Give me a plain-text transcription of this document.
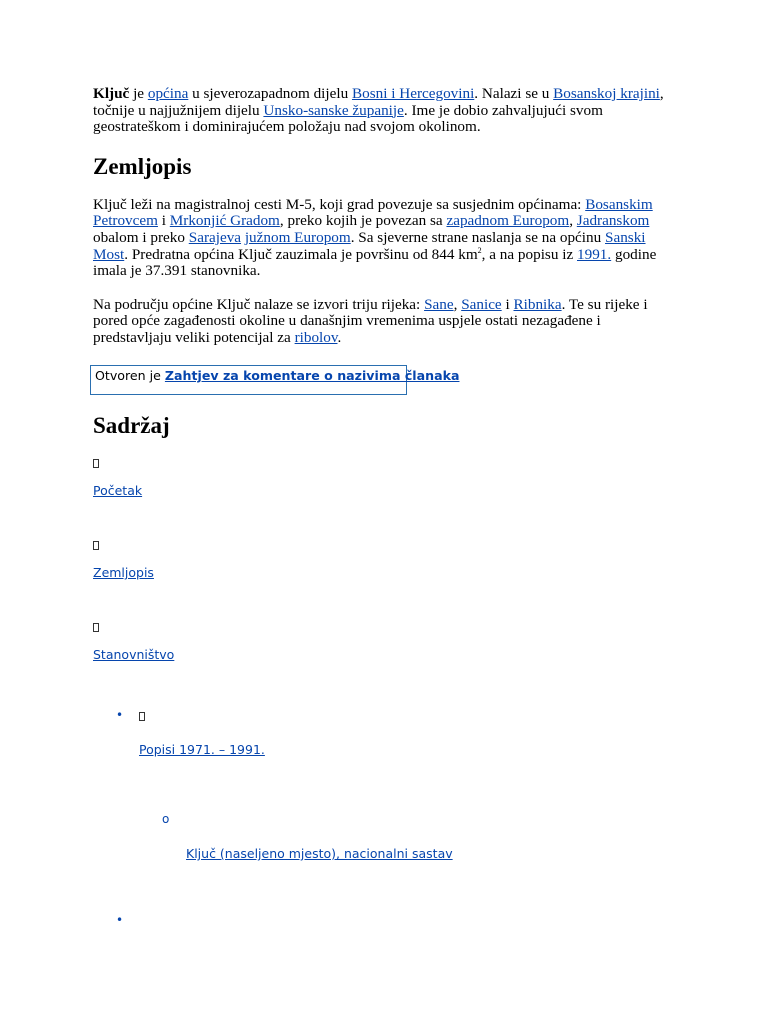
Ključ je općina u sjeverozapadnom dijelu Bosni i Hercegovini. Nalazi se u Bosanskoj krajini, točnije u najjužnijem dijelu Unsko-sanske županije. Ime je dobio zahvaljujući svom geostrateškom i dominirajućem položaju nad svojom okolinom.

Zemljopis

Ključ leži na magistralnoj cesti M-5, koji grad povezuje sa susjednim općinama: Bosanskim Petrovcem i Mrkonjić Gradom, preko kojih je povezan sa zapadnom Europom, Jadranskom obalom i preko Sarajeva južnom Europom. Sa sjeverne strane naslanja se na općinu Sanski Most. Predratna općina Ključ zauzimala je površinu od 844 $km^2$, a na popisu iz 1991. godine imala je 37.391 stanovnika.

Na području općine Ključ nalaze se izvori triju rijeka: Sane, Sanice i Ribnika. Te su rijeke i pored opće zagađenosti okoline u današnjim vremenima uspjele ostati nezagađene i predstavljaju veliki potencijal za ribolov.

Otvoren je Zahtjev za komentare o nazivima članaka
Sadržaj
Početak
Zemljopis
Stanovništvo
•
Popisi 1971. – 1991.
o
Ključ (naseljeno mjesto), nacionalni sastav
•
